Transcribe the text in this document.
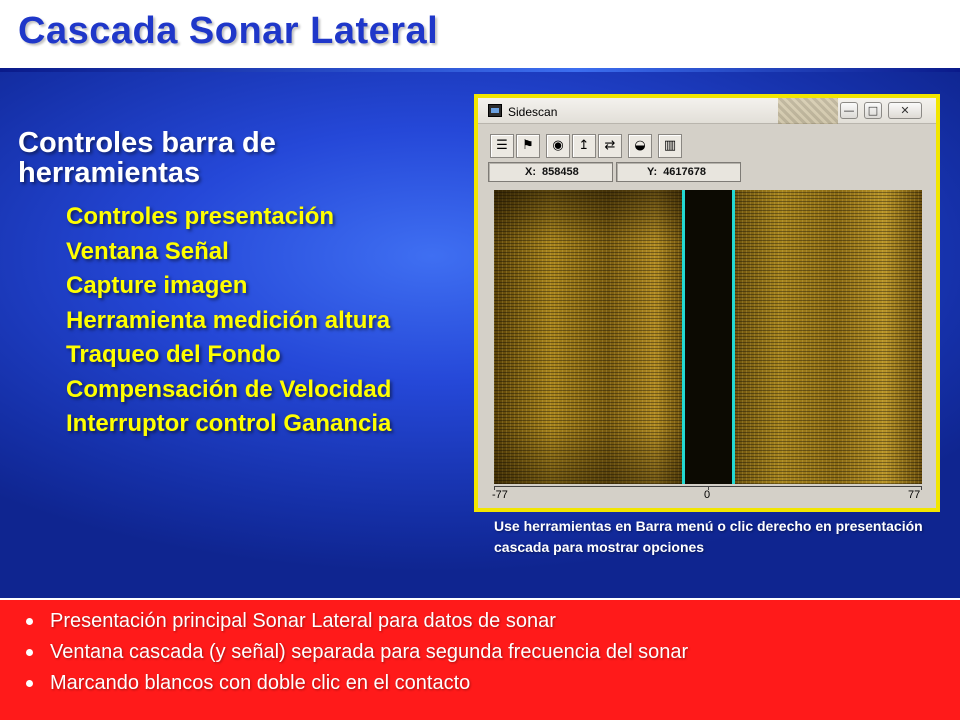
Cascada Sonar Lateral
Controles barra de herramientas
Controles presentación
Ventana Señal
Capture imagen
Herramienta medición altura
Traqueo del Fondo
Compensación de Velocidad
Interruptor control Ganancia
Sidescan	—	□	✕
☰	⚑	◉	↥	⇄	◒	▥
X: 858458	Y: 4617678
-77	0	77
Use herramientas en Barra menú o clic derecho en presentación cascada para mostrar opciones
Presentación principal Sonar Lateral para datos de sonar
Ventana cascada (y señal) separada para segunda frecuencia del sonar
Marcando blancos con doble clic en el contacto
